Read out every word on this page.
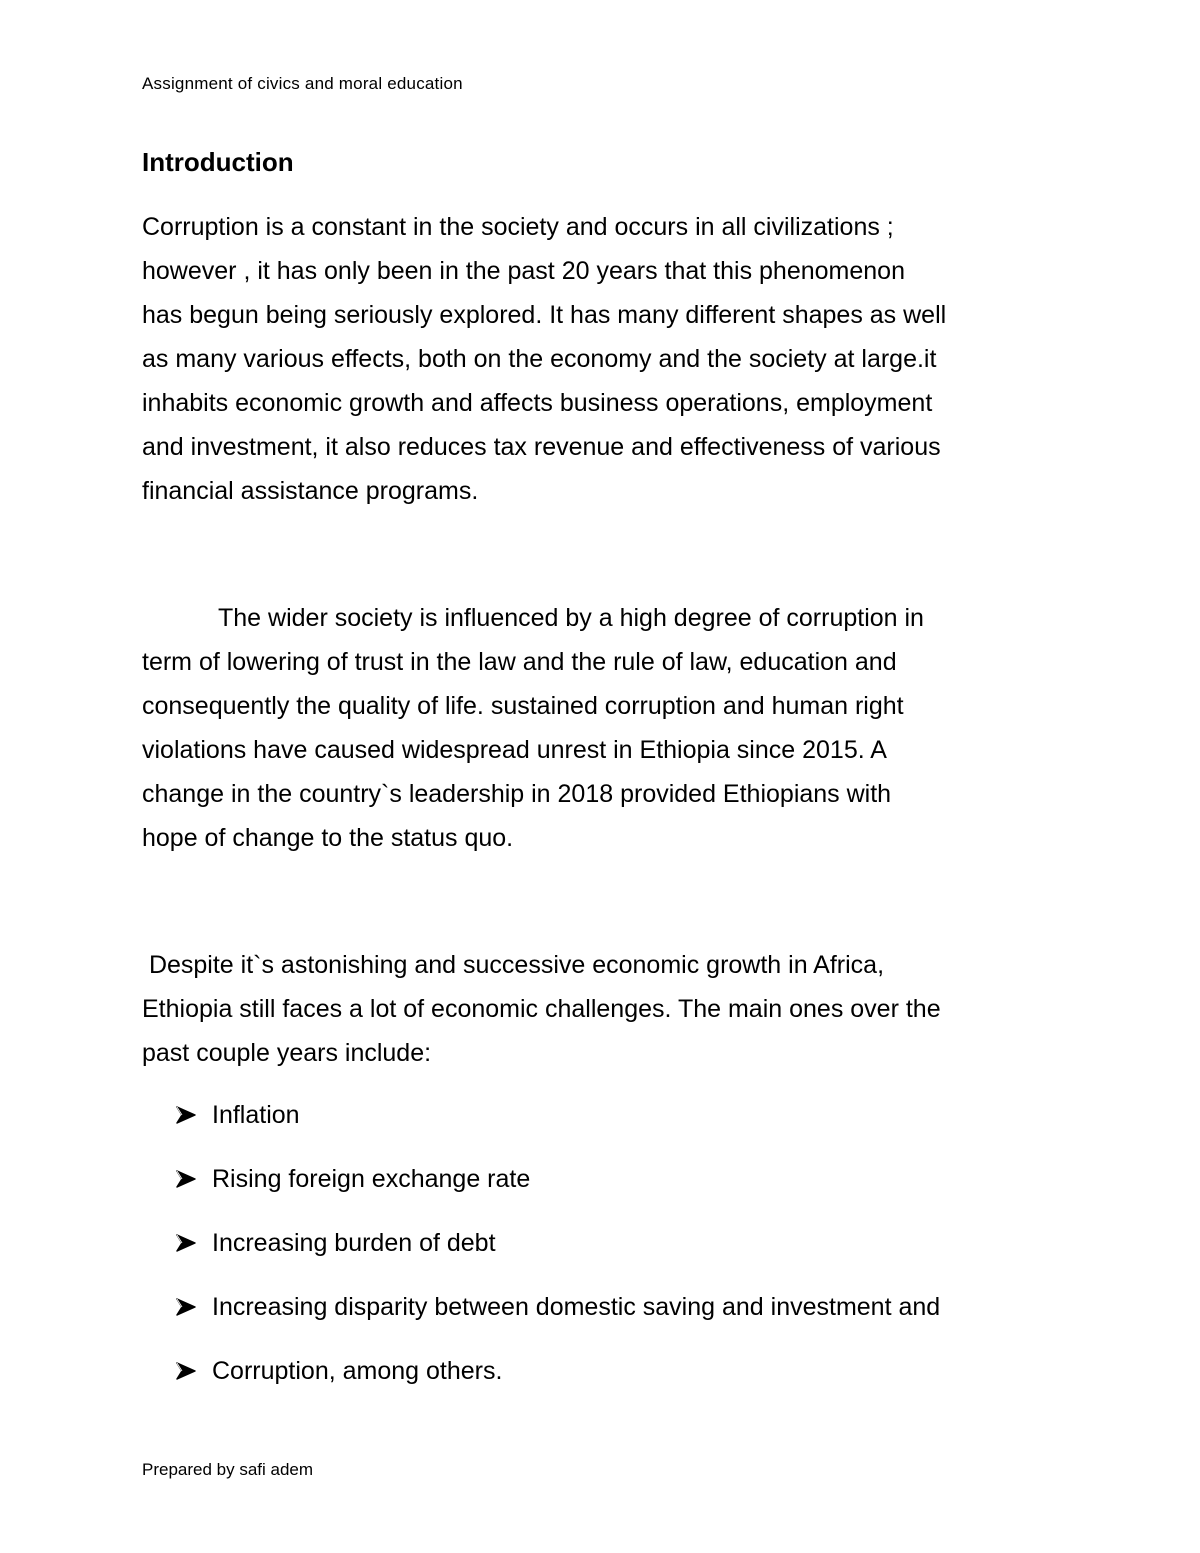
Assignment of civics and moral education
Introduction
Corruption is a constant in the society and occurs in all civilizations ;
however , it has only been in the past 20 years that this phenomenon
has begun being seriously explored. It has many different shapes as well
as many various effects, both on the economy and the society at large.it
inhabits economic growth and affects business operations, employment
and investment, it also reduces tax revenue and effectiveness of various
financial assistance programs.
The wider society is influenced by a high degree of corruption in
term of lowering of trust in the law and the rule of law, education and
consequently the quality of life. sustained corruption and human right
violations have caused widespread unrest in Ethiopia since 2015. A
change in the country`s leadership in 2018 provided Ethiopians with
hope of change to the status quo.
Despite it`s astonishing and successive economic growth in Africa,
Ethiopia still faces a lot of economic challenges. The main ones over the
past couple years include:
Inflation
Rising foreign exchange rate
Increasing burden of debt
Increasing disparity between domestic saving and investment and
Corruption, among others.
Prepared by safi adem
